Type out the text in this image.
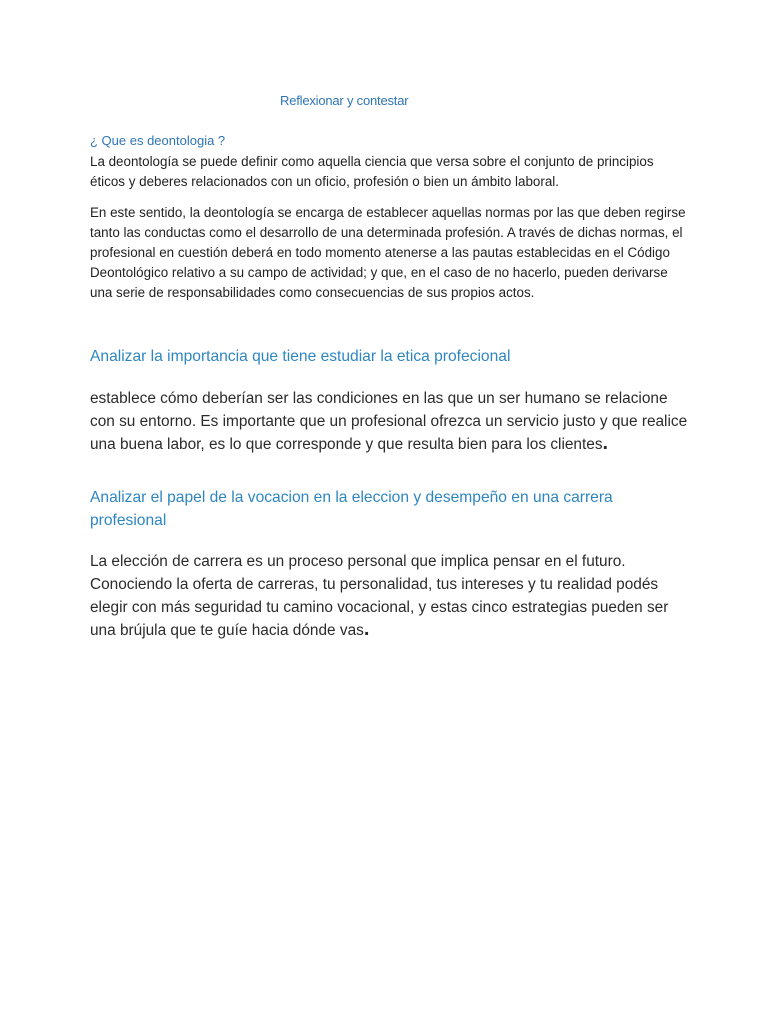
Reflexionar y contestar
¿ Que es deontologia ?

La deontología se puede definir como aquella ciencia que versa sobre el conjunto de principios éticos y deberes relacionados con un oficio, profesión o bien un ámbito laboral.

En este sentido, la deontología se encarga de establecer aquellas normas por las que deben regirse tanto las conductas como el desarrollo de una determinada profesión. A través de dichas normas, el profesional en cuestión deberá en todo momento atenerse a las pautas establecidas en el Código Deontológico relativo a su campo de actividad; y que, en el caso de no hacerlo, pueden derivarse una serie de responsabilidades como consecuencias de sus propios actos.

Analizar la importancia que tiene estudiar la etica profecional

establece cómo deberían ser las condiciones en las que un ser humano se relacione con su entorno. Es importante que un profesional ofrezca un servicio justo y que realice una buena labor, es lo que corresponde y que resulta bien para los clientes.

Analizar el papel de la vocacion en la eleccion y desempeño en una carrera profesional

La elección de carrera es un proceso personal que implica pensar en el futuro. Conociendo la oferta de carreras, tu personalidad, tus intereses y tu realidad podés elegir con más seguridad tu camino vocacional, y estas cinco estrategias pueden ser una brújula que te guíe hacia dónde vas.
